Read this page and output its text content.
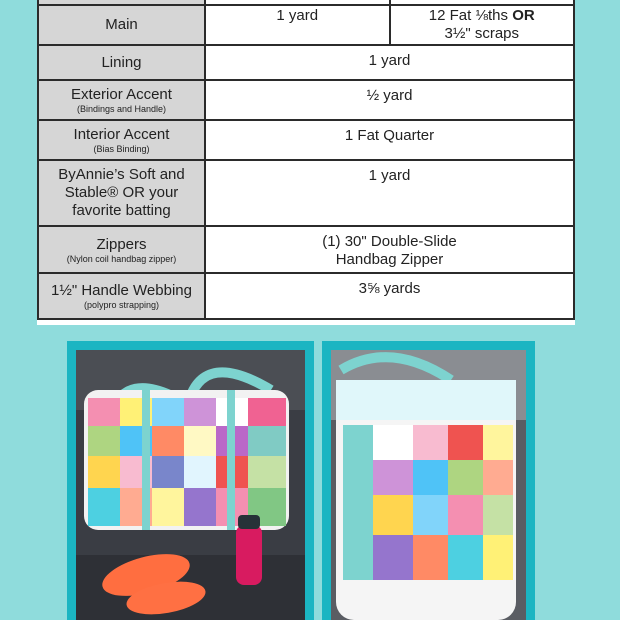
Main	1 yard	12 Fat ⅛ths OR
3½" scraps

Lining	1 yard	

Exterior Accent
(Bindings and Handle)	½ yard	

Interior Accent
(Bias Binding)	1 Fat Quarter	

ByAnnie’s Soft and Stable® OR your favorite batting	1 yard	

Zippers
(Nylon coil handbag zipper)	(1) 30" Double-Slide
Handbag Zipper	

1½" Handle Webbing
(polypro strapping)	3⅝ yards	
